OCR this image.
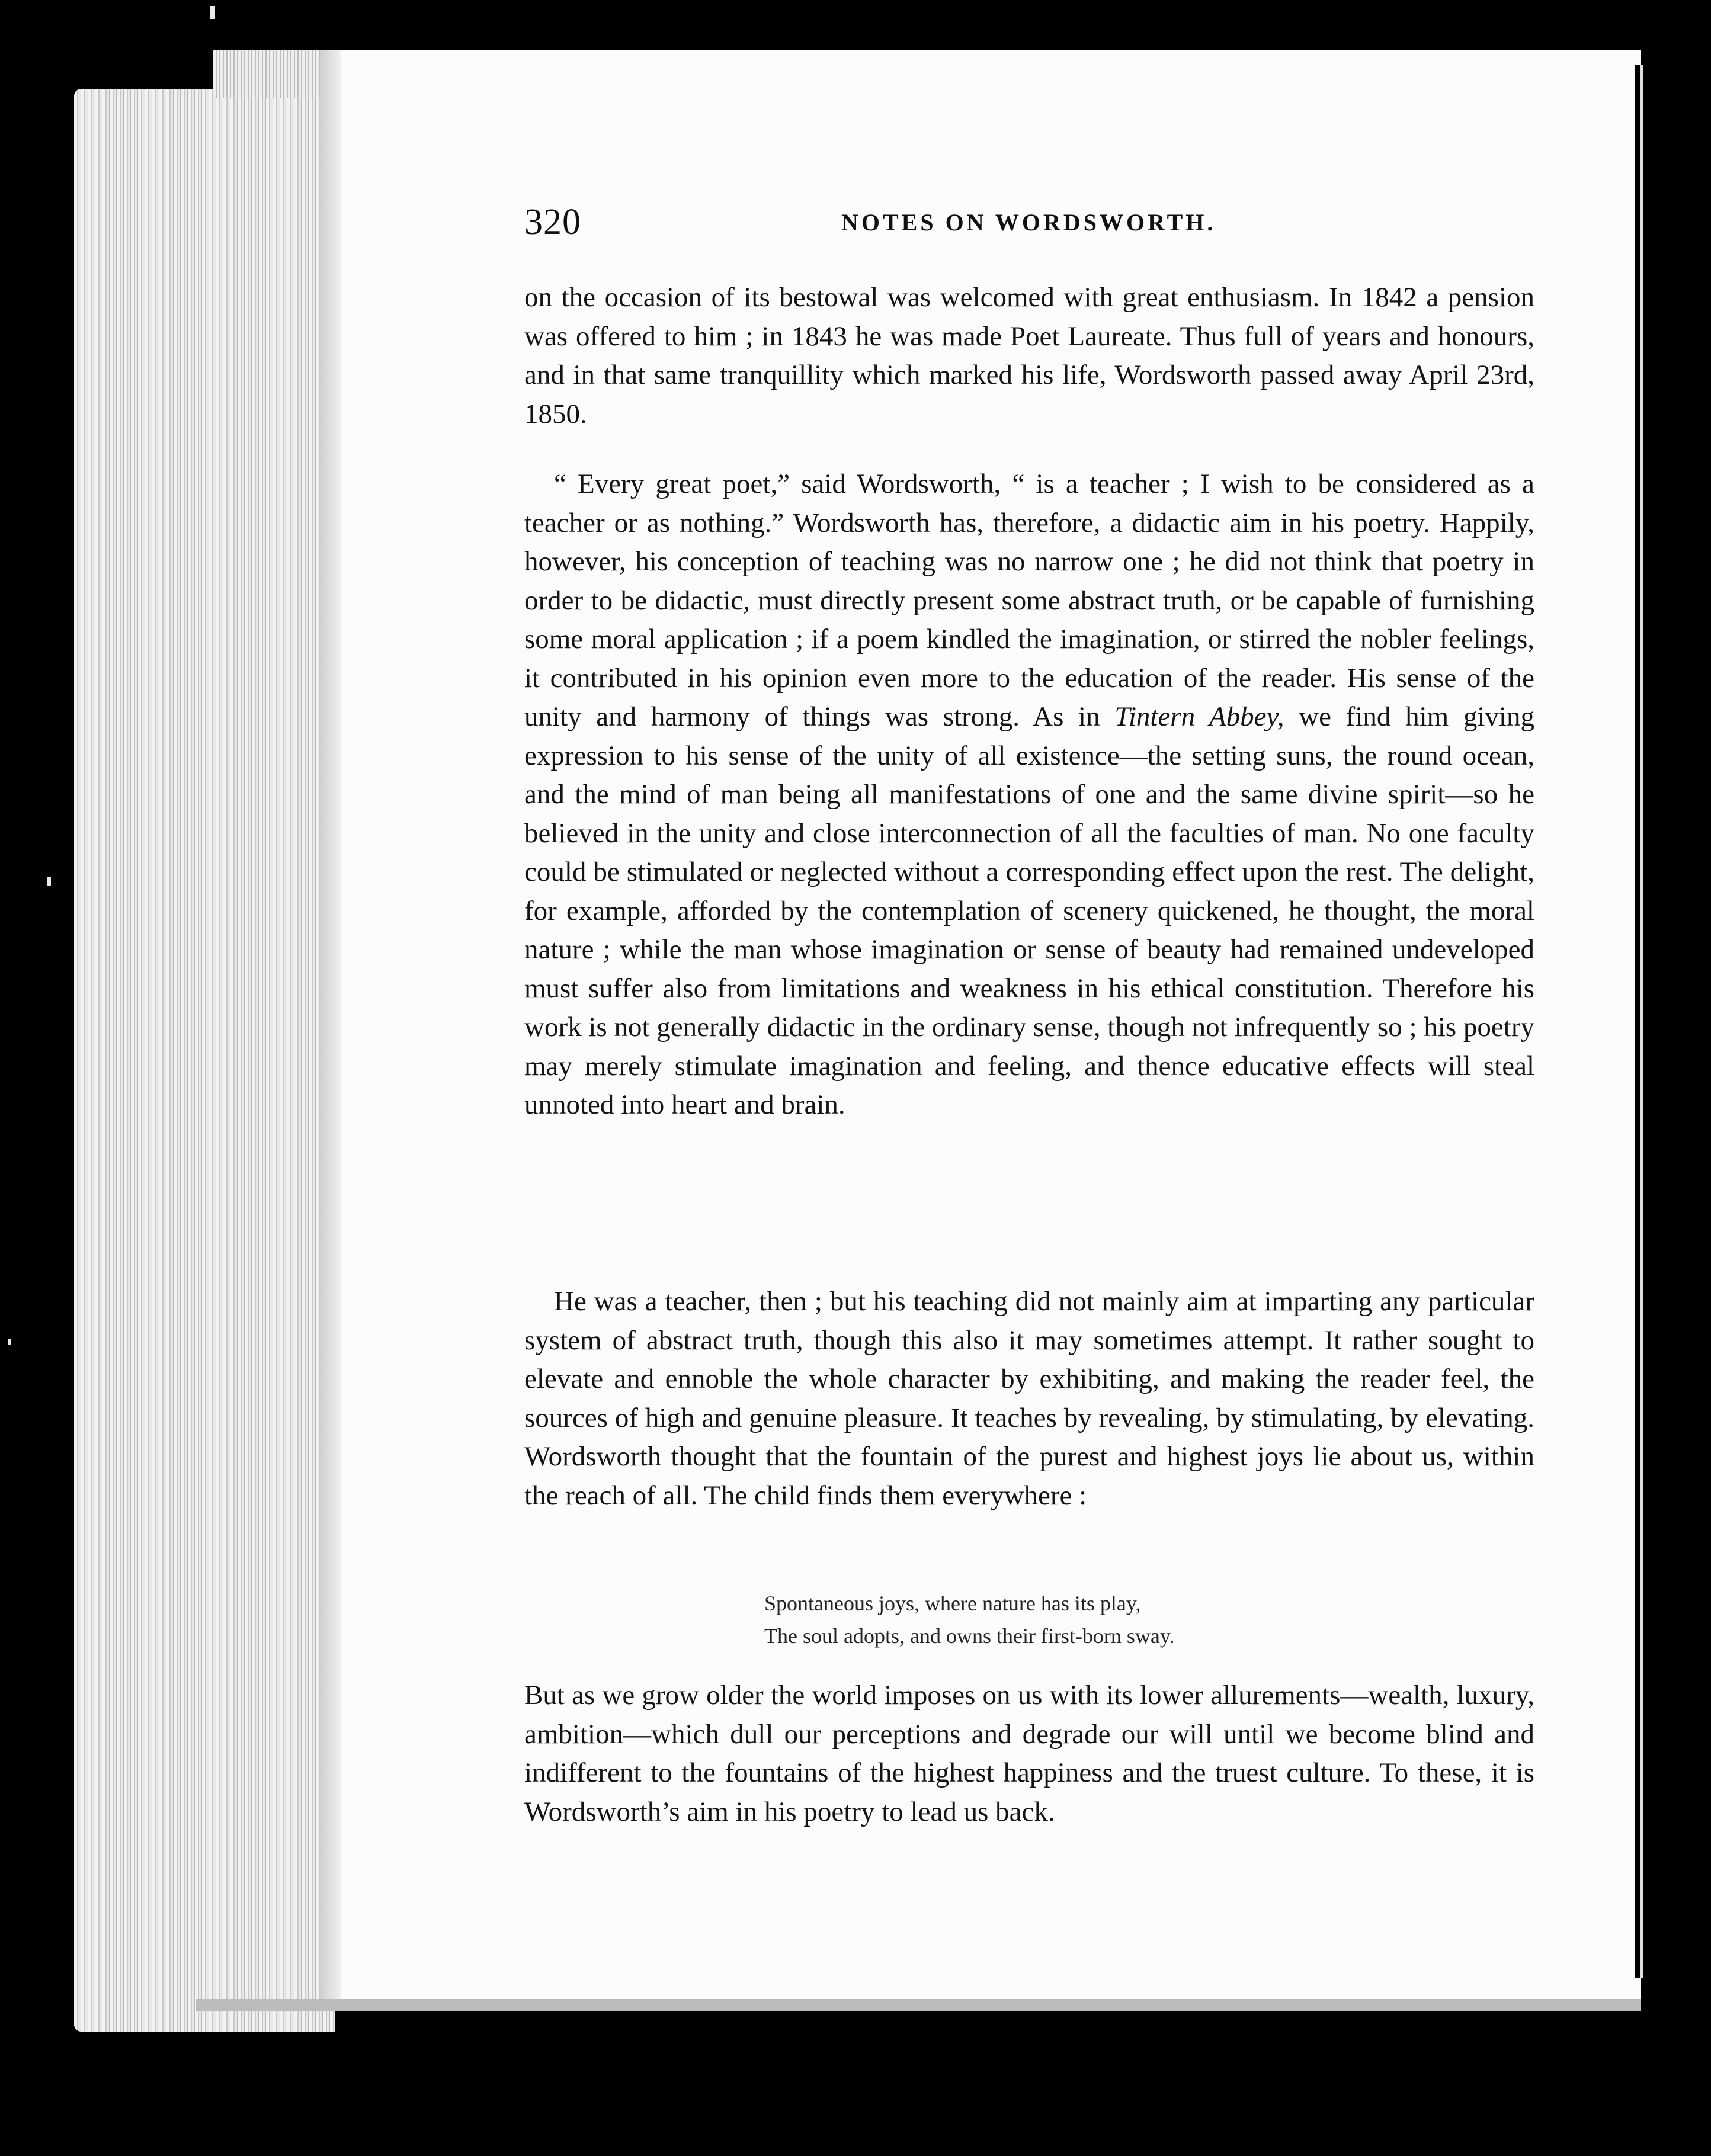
320	NOTES ON WORDSWORTH.

on the occasion of its bestowal was welcomed with great enthusiasm. In 1842 a pension was offered to him ; in 1843 he was made Poet Laureate. Thus full of years and honours, and in that same tranquillity which marked his life, Wordsworth passed away April 23rd, 1850.

“ Every great poet,” said Wordsworth, “ is a teacher ; I wish to be considered as a teacher or as nothing.” Wordsworth has, therefore, a didactic aim in his poetry. Happily, however, his conception of teaching was no narrow one ; he did not think that poetry in order to be didactic, must directly present some abstract truth, or be capable of furnishing some moral application ; if a poem kindled the imagination, or stirred the nobler feelings, it contributed in his opinion even more to the education of the reader. His sense of the unity and harmony of things was strong. As in Tintern Abbey, we find him giving expression to his sense of the unity of all existence—the setting suns, the round ocean, and the mind of man being all manifestations of one and the same divine spirit—so he believed in the unity and close interconnection of all the faculties of man. No one faculty could be stimulated or neglected without a corresponding effect upon the rest. The delight, for example, afforded by the contemplation of scenery quickened, he thought, the moral nature ; while the man whose imagination or sense of beauty had remained undeveloped must suffer also from limitations and weakness in his ethical constitution. Therefore his work is not generally didactic in the ordinary sense, though not infrequently so ; his poetry may merely stimulate imagination and feeling, and thence educative effects will steal unnoted into heart and brain.

He was a teacher, then ; but his teaching did not mainly aim at imparting any particular system of abstract truth, though this also it may sometimes attempt. It rather sought to elevate and ennoble the whole character by exhibiting, and making the reader feel, the sources of high and genuine pleasure. It teaches by revealing, by stimulating, by elevating. Wordsworth thought that the fountain of the purest and highest joys lie about us, within the reach of all. The child finds them everywhere :

Spontaneous joys, where nature has its play,
The soul adopts, and owns their first-born sway.

But as we grow older the world imposes on us with its lower allurements—wealth, luxury, ambition—which dull our perceptions and degrade our will until we become blind and indifferent to the fountains of the highest happiness and the truest culture. To these, it is Wordsworth’s aim in his poetry to lead us back.
